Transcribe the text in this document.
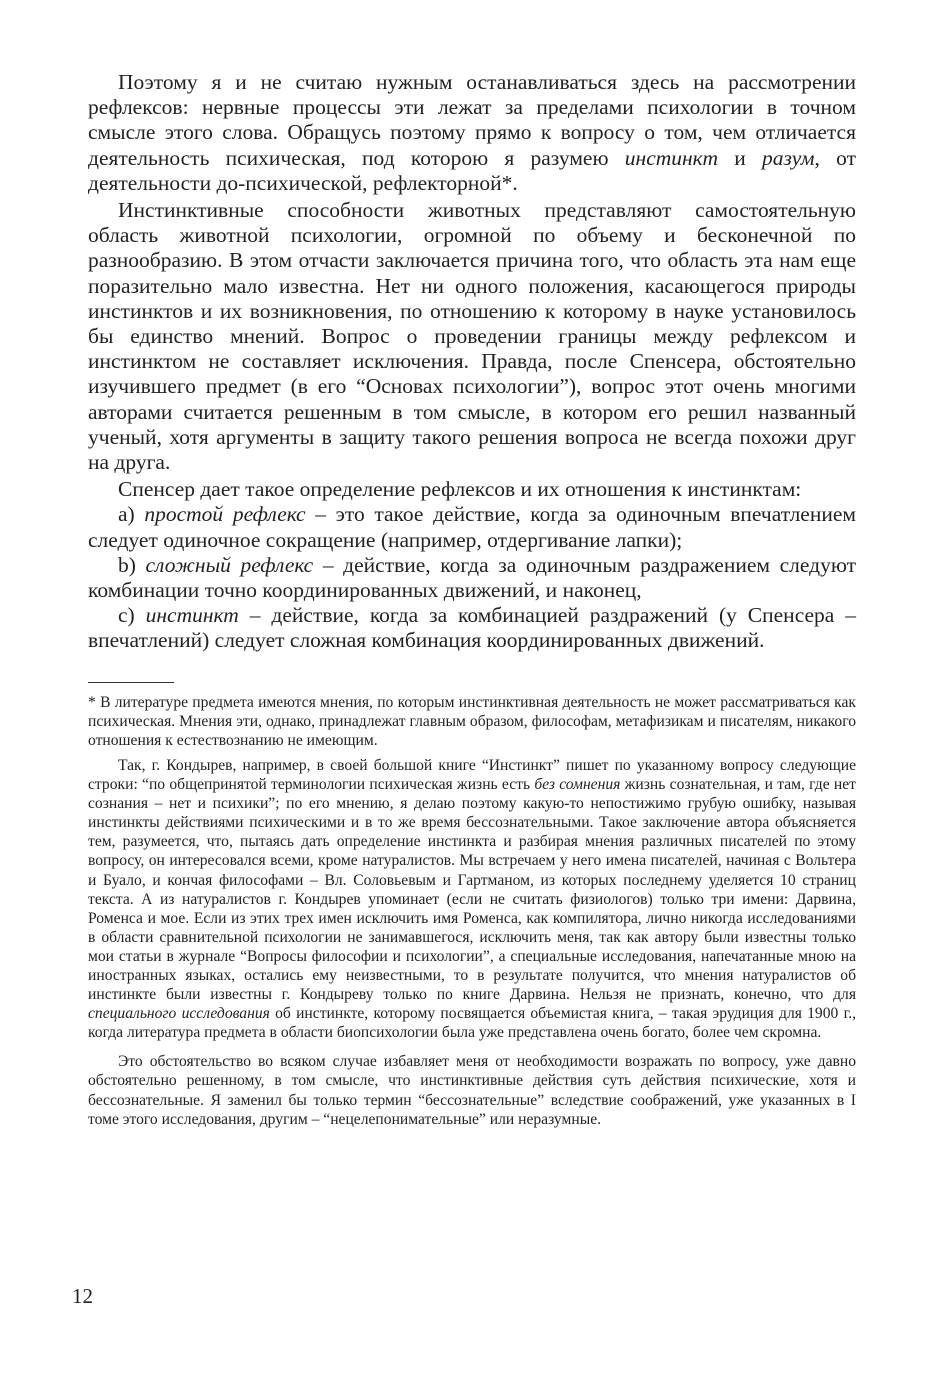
Поэтому я и не считаю нужным останавливаться здесь на рассмотрении рефлексов: нервные процессы эти лежат за пределами психологии в точном смысле этого слова. Обращусь поэтому прямо к вопросу о том, чем отличается деятельность психическая, под которою я разумею инстинкт и разум, от деятельности до-психической, рефлекторной*.

Инстинктивные способности животных представляют самостоятельную область животной психологии, огромной по объему и бесконечной по разнообразию. В этом отчасти заключается причина того, что область эта нам еще поразительно мало известна. Нет ни одного положения, касающегося природы инстинктов и их возникновения, по отношению к которому в науке установилось бы единство мнений. Вопрос о проведении границы между рефлексом и инстинктом не составляет исключения. Правда, после Спенсера, обстоятельно изучившего предмет (в его “Основах психологии”), вопрос этот очень многими авторами считается решенным в том смысле, в котором его решил названный ученый, хотя аргументы в защиту такого решения вопроса не всегда похожи друг на друга.

Спенсер дает такое определение рефлексов и их отношения к инстинктам:

а) простой рефлекс – это такое действие, когда за одиночным впечатлением следует одиночное сокращение (например, отдергивание лапки);

b) сложный рефлекс – действие, когда за одиночным раздражением следуют комбинации точно координированных движений, и наконец,

с) инстинкт – действие, когда за комбинацией раздражений (у Спенсера – впечатлений) следует сложная комбинация координированных движений.

* В литературе предмета имеются мнения, по которым инстинктивная деятельность не может рассматриваться как психическая. Мнения эти, однако, принадлежат главным образом, философам, метафизикам и писателям, никакого отношения к естествознанию не имеющим.

Так, г. Кондырев, например, в своей большой книге “Инстинкт” пишет по указанному вопросу следующие строки: “по общепринятой терминологии психическая жизнь есть без сомнения жизнь сознательная, и там, где нет сознания – нет и психики”; по его мнению, я делаю поэтому какую-то непостижимо грубую ошибку, называя инстинкты действиями психическими и в то же время бессознательными. Такое заключение автора объясняется тем, разумеется, что, пытаясь дать определение инстинкта и разбирая мнения различных писателей по этому вопросу, он интересовался всеми, кроме натуралистов. Мы встречаем у него имена писателей, начиная с Вольтера и Буало, и кончая философами – Вл. Соловьевым и Гартманом, из которых последнему уделяется 10 страниц текста. А из натуралистов г. Кондырев упоминает (если не считать физиологов) только три имени: Дарвина, Роменса и мое. Если из этих трех имен исключить имя Роменса, как компилятора, лично никогда исследованиями в области сравнительной психологии не занимавшегося, исключить меня, так как автору были известны только мои статьи в журнале “Вопросы философии и психологии”, а специальные исследования, напечатанные мною на иностранных языках, остались ему неизвестными, то в результате получится, что мнения натуралистов об инстинкте были известны г. Кондыреву только по книге Дарвина. Нельзя не признать, конечно, что для специального исследования об инстинкте, которому посвящается объемистая книга, – такая эрудиция для 1900 г., когда литература предмета в области биопсихологии была уже представлена очень богато, более чем скромна.

Это обстоятельство во всяком случае избавляет меня от необходимости возражать по вопросу, уже давно обстоятельно решенному, в том смысле, что инстинктивные действия суть действия психические, хотя и бессознательные. Я заменил бы только термин “бессознательные” вследствие соображений, уже указанных в I томе этого исследования, другим – “нецелепонимательные” или неразумные.

12
